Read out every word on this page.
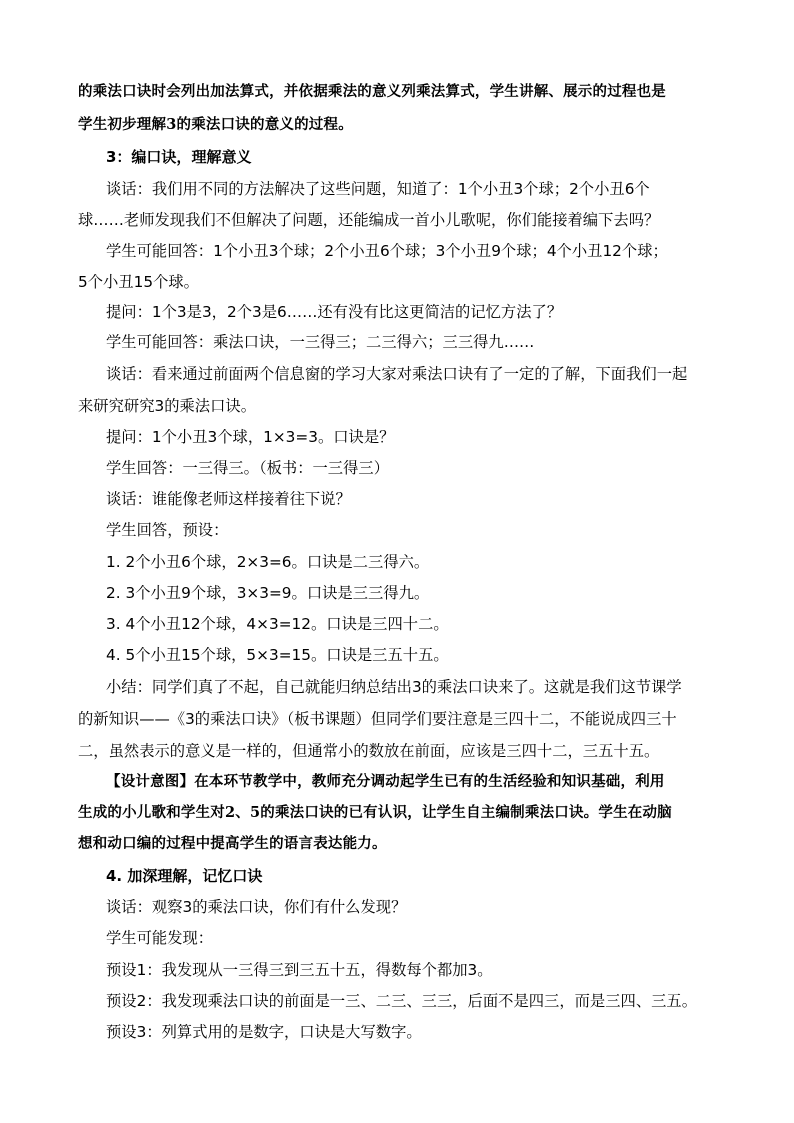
的乘法口诀时会列出加法算式，并依据乘法的意义列乘法算式，学生讲解、展示的过程也是
学生初步理解3的乘法口诀的意义的过程。
3：编口诀，理解意义
谈话：我们用不同的方法解决了这些问题，知道了：1个小丑3个球；2个小丑6个
球……老师发现我们不但解决了问题，还能编成一首小儿歌呢，你们能接着编下去吗？
学生可能回答：1个小丑3个球；2个小丑6个球；3个小丑9个球；4个小丑12个球；
5个小丑15个球。
提问：1个3是3，2个3是6……还有没有比这更简洁的记忆方法了？
学生可能回答：乘法口诀，一三得三；二三得六；三三得九……
谈话：看来通过前面两个信息窗的学习大家对乘法口诀有了一定的了解，下面我们一起
来研究研究3的乘法口诀。
提问：1个小丑3个球，1×3=3。口诀是？
学生回答：一三得三。（板书：一三得三）
谈话：谁能像老师这样接着往下说？
学生回答，预设：
1. 2个小丑6个球，2×3=6。口诀是二三得六。
2. 3个小丑9个球，3×3=9。口诀是三三得九。
3. 4个小丑12个球，4×3=12。口诀是三四十二。
4. 5个小丑15个球，5×3=15。口诀是三五十五。
小结：同学们真了不起，自己就能归纳总结出3的乘法口诀来了。这就是我们这节课学
的新知识——《3的乘法口诀》（板书课题）但同学们要注意是三四十二，不能说成四三十
二，虽然表示的意义是一样的，但通常小的数放在前面，应该是三四十二，三五十五。
【设计意图】在本环节教学中，教师充分调动起学生已有的生活经验和知识基础，利用
生成的小儿歌和学生对2、5的乘法口诀的已有认识，让学生自主编制乘法口诀。学生在动脑
想和动口编的过程中提高学生的语言表达能力。
4. 加深理解，记忆口诀
谈话：观察3的乘法口诀，你们有什么发现？
学生可能发现：
预设1：我发现从一三得三到三五十五，得数每个都加3。
预设2：我发现乘法口诀的前面是一三、二三、三三，后面不是四三，而是三四、三五。
预设3：列算式用的是数字，口诀是大写数字。
